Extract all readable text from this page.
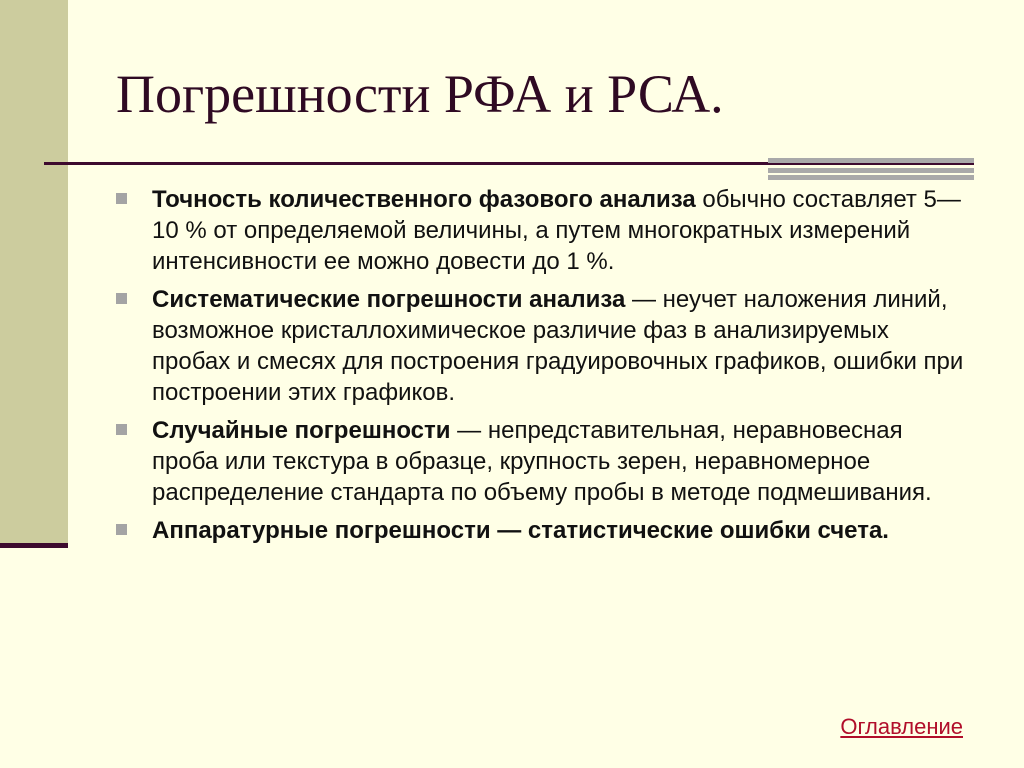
Погрешности РФА и РСА.
Точность количественного фазового анализа обычно составляет 5—10 % от определяемой величины, а путем многократных измерений интенсивности ее можно довести до 1 %.
Систематические погрешности анализа — неучет наложения линий, возможное кристаллохимическое различие фаз в анализируемых пробах и смесях для построения градуировочных графиков, ошибки при построении этих графиков.
Случайные погрешности — непредставительная, неравновесная проба или текстура в образце, крупность зерен, неравномерное распределение стандарта по объему пробы в методе подмешивания.
Аппаратурные погрешности — статистические ошибки счета.
Оглавление
